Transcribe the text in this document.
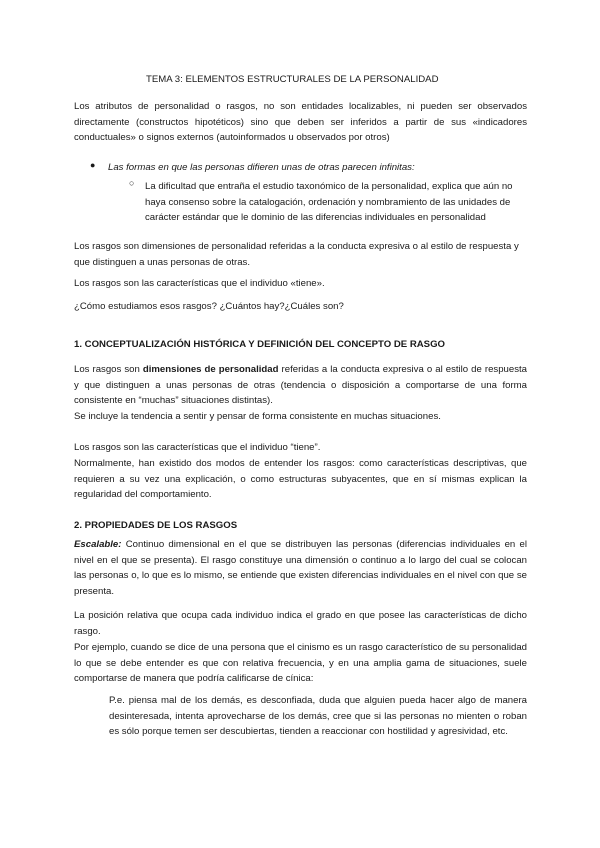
TEMA 3: ELEMENTOS ESTRUCTURALES DE LA PERSONALIDAD
Los atributos de personalidad o rasgos, no son entidades localizables, ni pueden ser observados directamente (constructos hipotéticos) sino que deben ser inferidos a partir de sus «indicadores conductuales» o signos externos (autoinformados u observados por otros)
● Las formas en que las personas difieren unas de otras parecen infinitas:
○ La dificultad que entraña el estudio taxonómico de la personalidad, explica que aún no haya consenso sobre la catalogación, ordenación y nombramiento de las unidades de carácter estándar que le dominio de las diferencias individuales en personalidad
Los rasgos son dimensiones de personalidad referidas a la conducta expresiva o al estilo de respuesta y que distinguen a unas personas de otras.
Los rasgos son las características que el individuo «tiene».
¿Cómo estudiamos esos rasgos? ¿Cuántos hay?¿Cuáles son?
1. CONCEPTUALIZACIÓN HISTÓRICA Y DEFINICIÓN DEL CONCEPTO DE RASGO
Los rasgos son dimensiones de personalidad referidas a la conducta expresiva o al estilo de respuesta y que distinguen a unas personas de otras (tendencia o disposición a comportarse de una forma consistente en “muchas” situaciones distintas).
Se incluye la tendencia a sentir y pensar de forma consistente en muchas situaciones.
Los rasgos son las características que el individuo “tiene”.
Normalmente, han existido dos modos de entender los rasgos: como características descriptivas, que requieren a su vez una explicación, o como estructuras subyacentes, que en sí mismas explican la regularidad del comportamiento.
2. PROPIEDADES DE LOS RASGOS
Escalable: Continuo dimensional en el que se distribuyen las personas (diferencias individuales en el nivel en el que se presenta). El rasgo constituye una dimensión o continuo a lo largo del cual se colocan las personas o, lo que es lo mismo, se entiende que existen diferencias individuales en el nivel con que se presenta.
La posición relativa que ocupa cada individuo indica el grado en que posee las características de dicho rasgo.
Por ejemplo, cuando se dice de una persona que el cinismo es un rasgo característico de su personalidad lo que se debe entender es que con relativa frecuencia, y en una amplia gama de situaciones, suele comportarse de manera que podría calificarse de cínica:
P.e. piensa mal de los demás, es desconfiada, duda que alguien pueda hacer algo de manera desinteresada, intenta aprovecharse de los demás, cree que si las personas no mienten o roban es sólo porque temen ser descubiertas, tienden a reaccionar con hostilidad y agresividad, etc.
